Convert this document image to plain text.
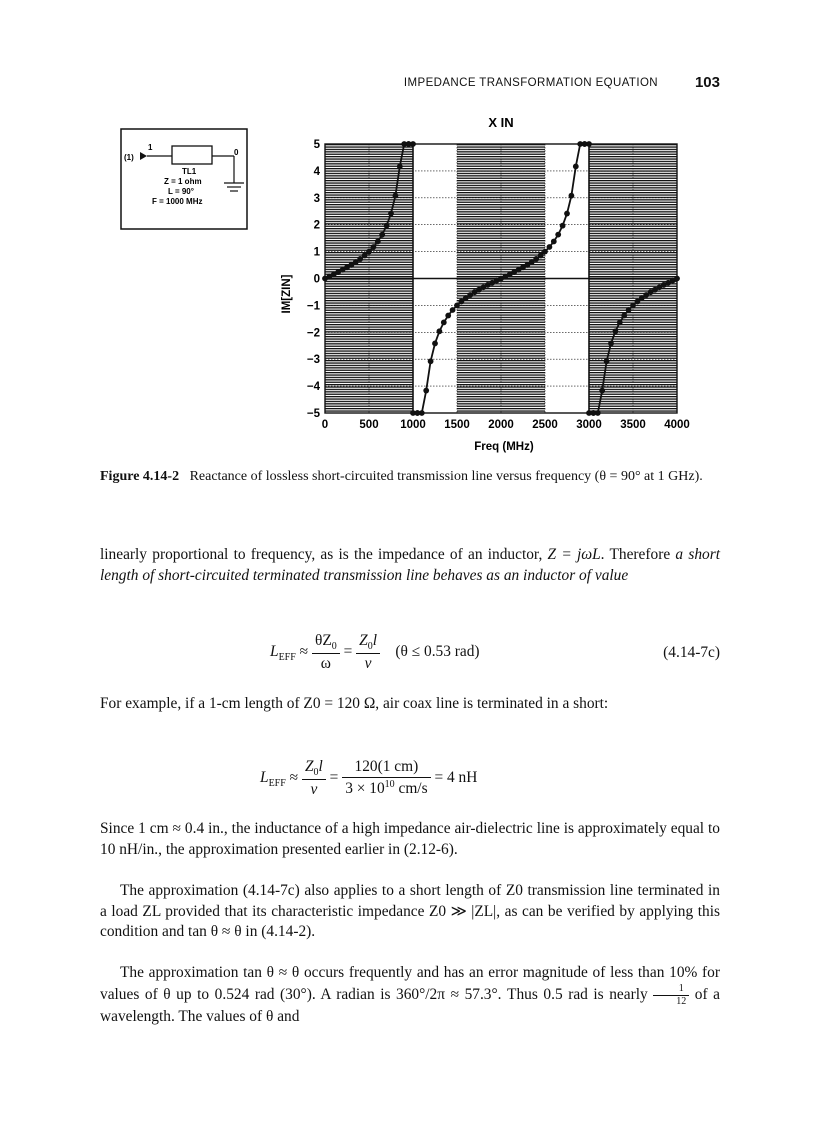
IMPEDANCE TRANSFORMATION EQUATION 103
(1)
1
0
TL1
Z = 1 ohm
L = 90°
F = 1000 MHz
X IN
0	500 1000 1500 2000 2500 3000 3500 4000
5
4
3
2
1
0
−1
−2
−3
−4
−5
Freq (MHz)
IM[ZIN]
Figure 4.14-2 Reactance of lossless short-circuited transmission line versus frequency (θ = 90° at 1 GHz).

linearly proportional to frequency, as is the impedance of an inductor, Z = jωL. Therefore a short length of short-circuited terminated transmission line behaves as an inductor of value

$L_{EFF} \approx \frac{\theta Z_0}{\omega} = \frac{Z_0l}{v} (\theta \le 0.53$ rad)	(4.14-7c)

For example, if a 1-cm length of Z0 = 120 Ω, air coax line is terminated in a short:

$L_{EFF} \approx \frac{Z_0l}{v} = \frac{120(1 cm)}{3 \times 10^{10} cm/s} = 4$ nH

Since 1 cm ≈ 0.4 in., the inductance of a high impedance air-dielectric line is approximately equal to 10 nH/in., the approximation presented earlier in (2.12-6).

The approximation (4.14-7c) also applies to a short length of Z0 transmission line terminated in a load ZL provided that its characteristic impedance Z0 ≫ |ZL|, as can be verified by applying this condition and tan θ ≈ θ in (4.14-2).

The approximation tan θ ≈ θ occurs frequently and has an error magnitude of less than 10% for values of θ up to 0.524 rad (30°). A radian is 360°/2π ≈ 57.3°. Thus 0.5 rad is nearly $\frac{1}{12}$ of a wavelength. The values of θ and
